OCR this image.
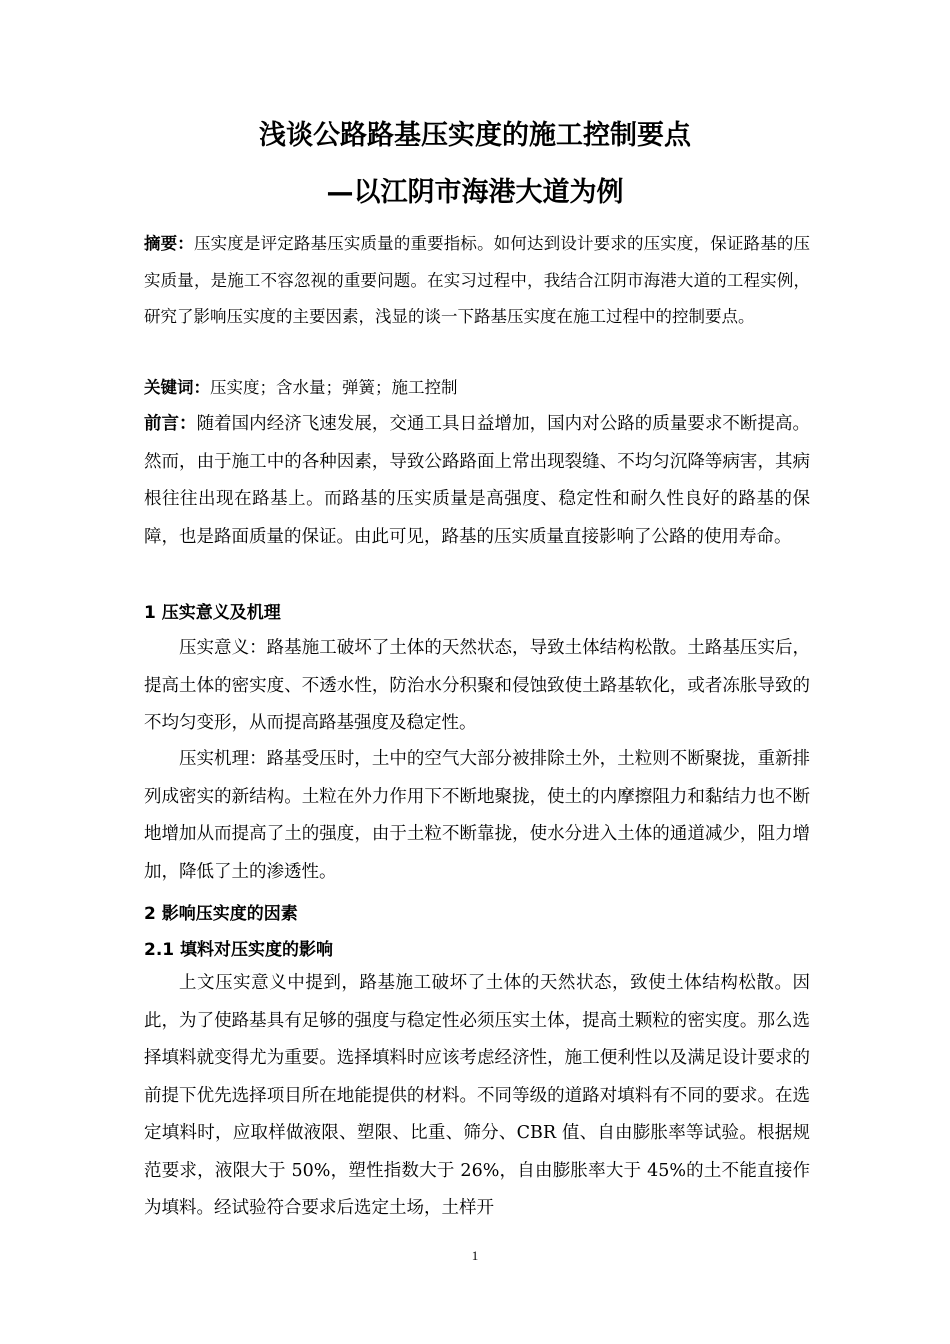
浅谈公路路基压实度的施工控制要点
—以江阴市海港大道为例

摘要：压实度是评定路基压实质量的重要指标。如何达到设计要求的压实度，保证路基的压实质量，是施工不容忽视的重要问题。在实习过程中，我结合江阴市海港大道的工程实例，研究了影响压实度的主要因素，浅显的谈一下路基压实度在施工过程中的控制要点。

关键词：压实度；含水量；弹簧；施工控制

前言：随着国内经济飞速发展，交通工具日益增加，国内对公路的质量要求不断提高。然而，由于施工中的各种因素，导致公路路面上常出现裂缝、不均匀沉降等病害，其病根往往出现在路基上。而路基的压实质量是高强度、稳定性和耐久性良好的路基的保障，也是路面质量的保证。由此可见，路基的压实质量直接影响了公路的使用寿命。

1 压实意义及机理

压实意义：路基施工破坏了土体的天然状态，导致土体结构松散。土路基压实后，提高土体的密实度、不透水性，防治水分积聚和侵蚀致使土路基软化，或者冻胀导致的不均匀变形，从而提高路基强度及稳定性。

压实机理：路基受压时，土中的空气大部分被排除土外，土粒则不断聚拢，重新排列成密实的新结构。土粒在外力作用下不断地聚拢，使土的内摩擦阻力和黏结力也不断地增加从而提高了土的强度，由于土粒不断靠拢，使水分进入土体的通道减少，阻力增加，降低了土的渗透性。

2 影响压实度的因素
2.1 填料对压实度的影响

上文压实意义中提到，路基施工破坏了土体的天然状态，致使土体结构松散。因此，为了使路基具有足够的强度与稳定性必须压实土体，提高土颗粒的密实度。那么选择填料就变得尤为重要。选择填料时应该考虑经济性，施工便利性以及满足设计要求的前提下优先选择项目所在地能提供的材料。不同等级的道路对填料有不同的要求。在选定填料时，应取样做液限、塑限、比重、筛分、CBR 值、自由膨胀率等试验。根据规范要求，液限大于 50%，塑性指数大于 26%，自由膨胀率大于 45%的土不能直接作为填料。经试验符合要求后选定土场，土样开

1
